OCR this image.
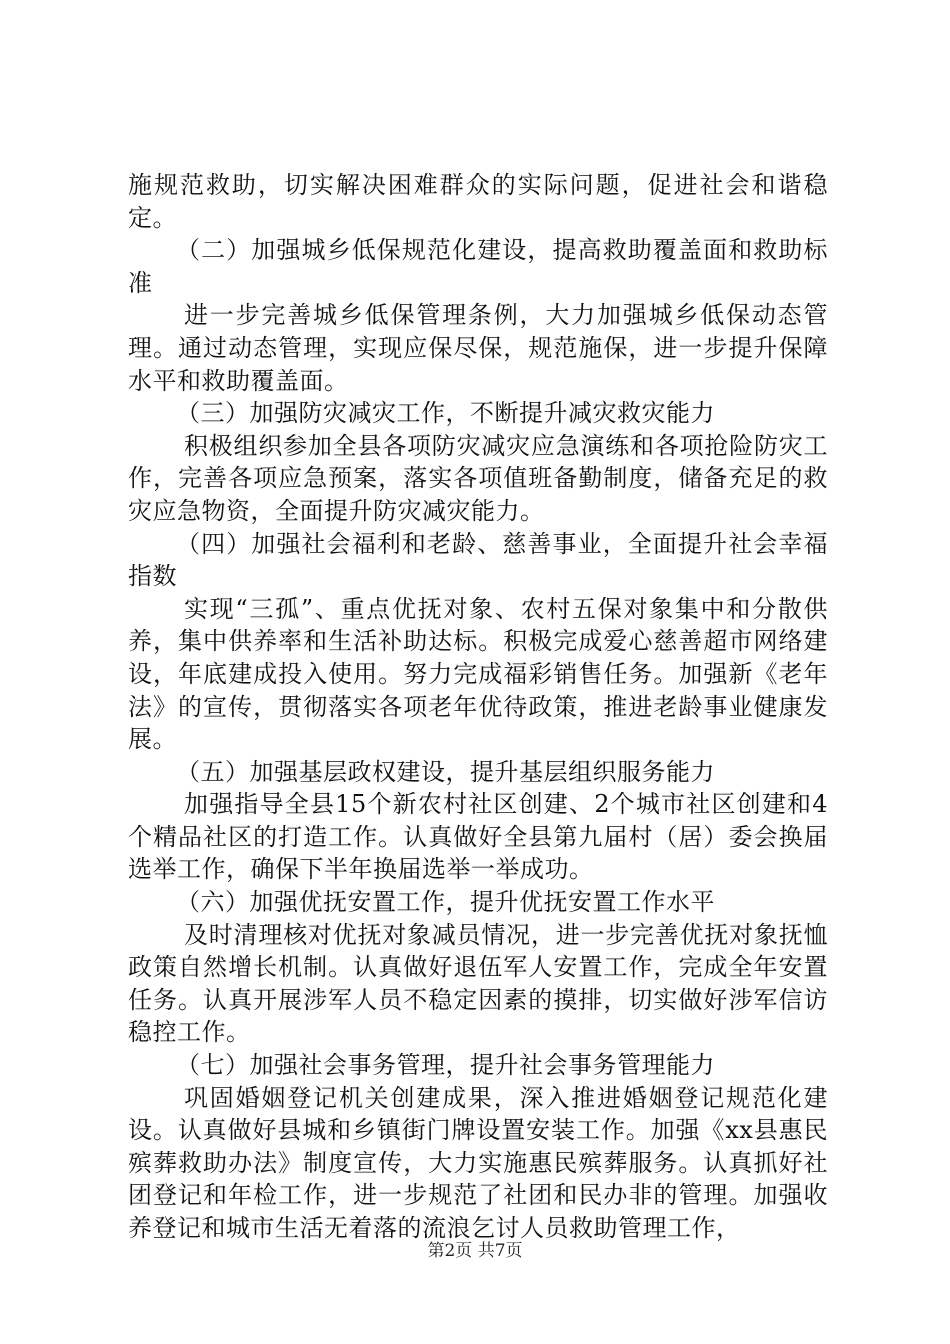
施规范救助，切实解决困难群众的实际问题，促进社会和谐稳定。

（二）加强城乡低保规范化建设，提高救助覆盖面和救助标准

进一步完善城乡低保管理条例，大力加强城乡低保动态管理。通过动态管理，实现应保尽保，规范施保，进一步提升保障水平和救助覆盖面。

（三）加强防灾减灾工作，不断提升减灾救灾能力

积极组织参加全县各项防灾减灾应急演练和各项抢险防灾工作，完善各项应急预案，落实各项值班备勤制度，储备充足的救灾应急物资，全面提升防灾减灾能力。

（四）加强社会福利和老龄、慈善事业，全面提升社会幸福指数

实现“三孤”、重点优抚对象、农村五保对象集中和分散供养，集中供养率和生活补助达标。积极完成爱心慈善超市网络建设，年底建成投入使用。努力完成福彩销售任务。加强新《老年法》的宣传，贯彻落实各项老年优待政策，推进老龄事业健康发展。

（五）加强基层政权建设，提升基层组织服务能力

加强指导全县15个新农村社区创建、2个城市社区创建和4个精品社区的打造工作。认真做好全县第九届村（居）委会换届选举工作，确保下半年换届选举一举成功。

（六）加强优抚安置工作，提升优抚安置工作水平

及时清理核对优抚对象减员情况，进一步完善优抚对象抚恤政策自然增长机制。认真做好退伍军人安置工作，完成全年安置任务。认真开展涉军人员不稳定因素的摸排，切实做好涉军信访稳控工作。

（七）加强社会事务管理，提升社会事务管理能力

巩固婚姻登记机关创建成果，深入推进婚姻登记规范化建设。认真做好县城和乡镇街门牌设置安装工作。加强《xx县惠民殡葬救助办法》制度宣传，大力实施惠民殡葬服务。认真抓好社团登记和年检工作，进一步规范了社团和民办非的管理。加强收养登记和城市生活无着落的流浪乞讨人员救助管理工作，

第2页 共7页
